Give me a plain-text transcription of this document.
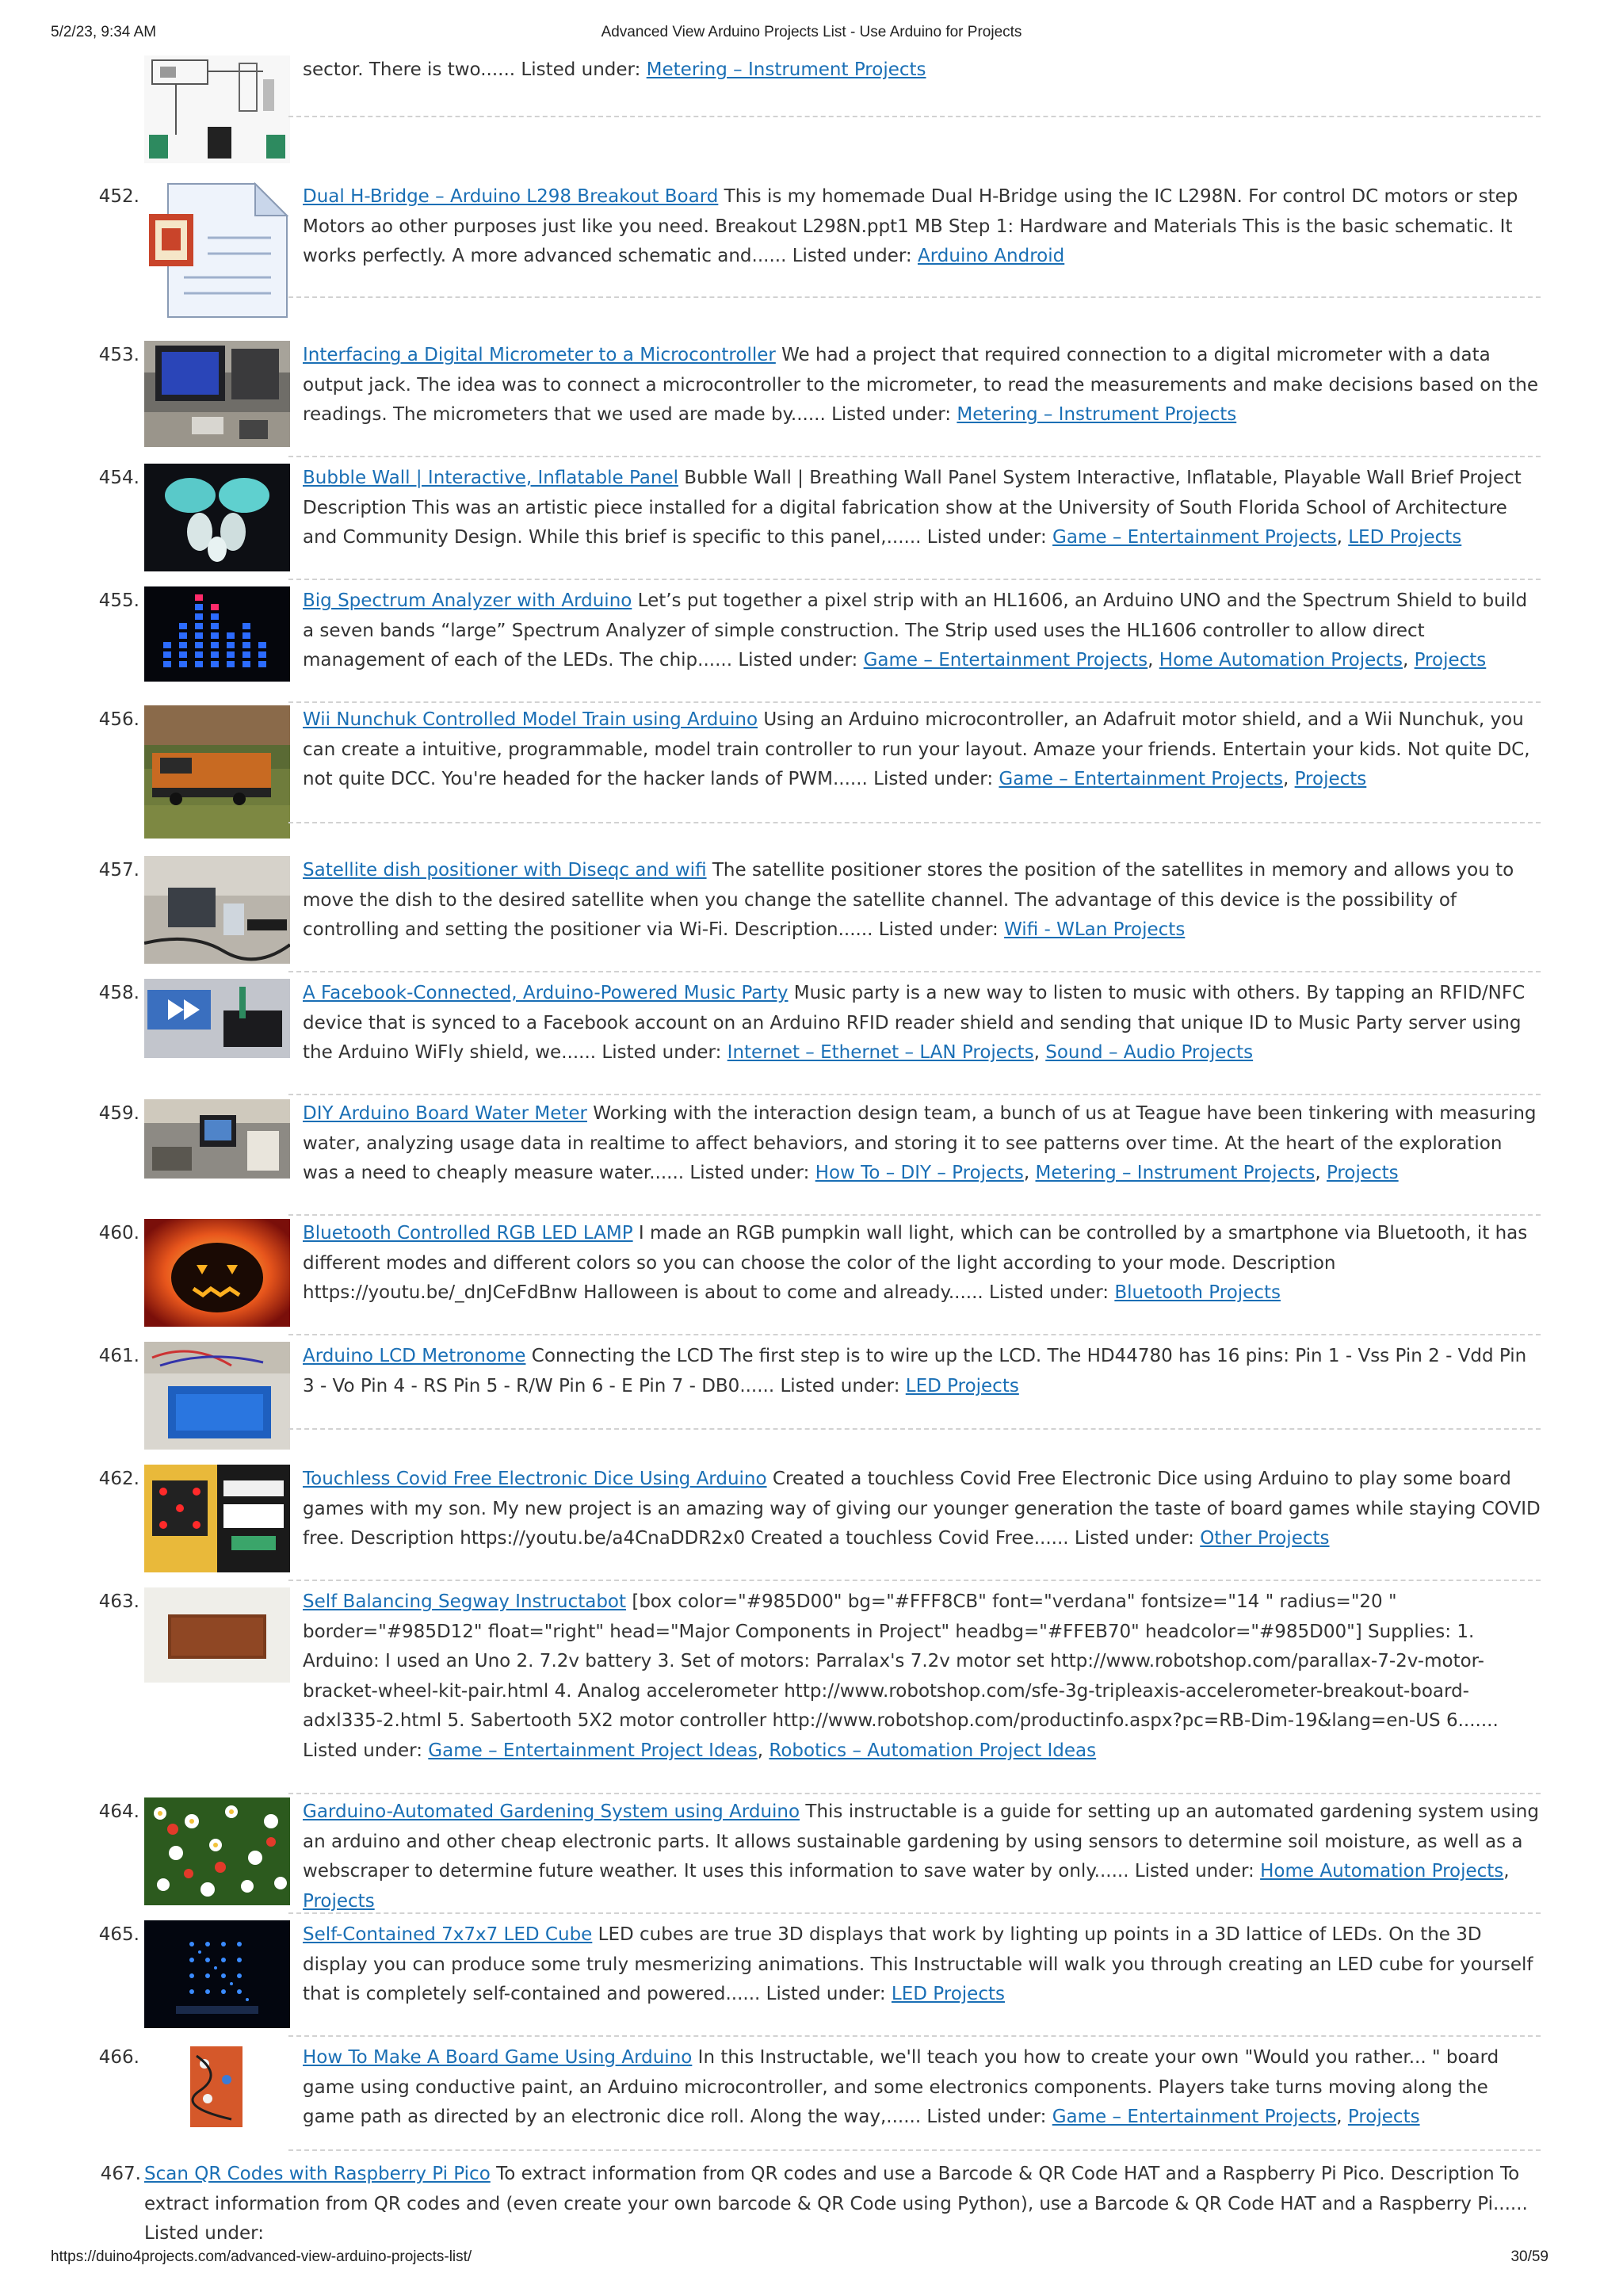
5/2/23, 9:34 AM	Advanced View Arduino Projects List - Use Arduino for Projects
sector. There is two...... Listed under: Metering – Instrument Projects
452.	Dual H-Bridge – Arduino L298 Breakout Board This is my homemade Dual H-Bridge using the IC L298N. For control DC motors or step Motors ao other purposes just like you need. Breakout L298N.ppt1 MB Step 1: Hardware and Materials This is the basic schematic. It works perfectly. A more advanced schematic and...... Listed under: Arduino Android
453.	Interfacing a Digital Micrometer to a Microcontroller We had a project that required connection to a digital micrometer with a data output jack. The idea was to connect a microcontroller to the micrometer, to read the measurements and make decisions based on the readings. The micrometers that we used are made by...... Listed under: Metering – Instrument Projects
454.	Bubble Wall | Interactive, Inflatable Panel Bubble Wall | Breathing Wall Panel System Interactive, Inflatable, Playable Wall Brief Project Description This was an artistic piece installed for a digital fabrication show at the University of South Florida School of Architecture and Community Design. While this brief is specific to this panel,...... Listed under: Game – Entertainment Projects, LED Projects
455.	Big Spectrum Analyzer with Arduino Let’s put together a pixel strip with an HL1606, an Arduino UNO and the Spectrum Shield to build a seven bands “large” Spectrum Analyzer of simple construction. The Strip used uses the HL1606 controller to allow direct management of each of the LEDs. The chip...... Listed under: Game – Entertainment Projects, Home Automation Projects, Projects
456.	Wii Nunchuk Controlled Model Train using Arduino Using an Arduino microcontroller, an Adafruit motor shield, and a Wii Nunchuk, you can create a intuitive, programmable, model train controller to run your layout. Amaze your friends. Entertain your kids. Not quite DC, not quite DCC. You're headed for the hacker lands of PWM...... Listed under: Game – Entertainment Projects, Projects
457.	Satellite dish positioner with Diseqc and wifi The satellite positioner stores the position of the satellites in memory and allows you to move the dish to the desired satellite when you change the satellite channel. The advantage of this device is the possibility of controlling and setting the positioner via Wi-Fi. Description...... Listed under: Wifi - WLan Projects
458.	A Facebook-Connected, Arduino-Powered Music Party Music party is a new way to listen to music with others. By tapping an RFID/NFC device that is synced to a Facebook account on an Arduino RFID reader shield and sending that unique ID to Music Party server using the Arduino WiFly shield, we...... Listed under: Internet – Ethernet – LAN Projects, Sound – Audio Projects
459.	DIY Arduino Board Water Meter Working with the interaction design team, a bunch of us at Teague have been tinkering with measuring water, analyzing usage data in realtime to affect behaviors, and storing it to see patterns over time. At the heart of the exploration was a need to cheaply measure water...... Listed under: How To – DIY – Projects, Metering – Instrument Projects, Projects
460.	Bluetooth Controlled RGB LED LAMP I made an RGB pumpkin wall light, which can be controlled by a smartphone via Bluetooth, it has different modes and different colors so you can choose the color of the light according to your mode. Description https://youtu.be/_dnJCeFdBnw Halloween is about to come and already...... Listed under: Bluetooth Projects
461.	Arduino LCD Metronome Connecting the LCD The first step is to wire up the LCD. The HD44780 has 16 pins: Pin 1 - Vss Pin 2 - Vdd Pin 3 - Vo Pin 4 - RS Pin 5 - R/W Pin 6 - E Pin 7 - DB0...... Listed under: LED Projects
462.	Touchless Covid Free Electronic Dice Using Arduino Created a touchless Covid Free Electronic Dice using Arduino to play some board games with my son. My new project is an amazing way of giving our younger generation the taste of board games while staying COVID free. Description https://youtu.be/a4CnaDDR2x0 Created a touchless Covid Free...... Listed under: Other Projects
463.	Self Balancing Segway Instructabot [box color="#985D00" bg="#FFF8CB" font="verdana" fontsize="14 " radius="20 " border="#985D12" float="right" head="Major Components in Project" headbg="#FFEB70" headcolor="#985D00"] Supplies: 1. Arduino: I used an Uno 2. 7.2v battery 3. Set of motors: Parralax's 7.2v motor set http://www.robotshop.com/parallax-7-2v-motor-bracket-wheel-kit-pair.html 4. Analog accelerometer http://www.robotshop.com/sfe-3g-tripleaxis-accelerometer-breakout-board-adxl335-2.html 5. Sabertooth 5X2 motor controller http://www.robotshop.com/productinfo.aspx?pc=RB-Dim-19&lang=en-US 6....... Listed under: Game – Entertainment Project Ideas, Robotics – Automation Project Ideas
464.	Garduino-Automated Gardening System using Arduino This instructable is a guide for setting up an automated gardening system using an arduino and other cheap electronic parts. It allows sustainable gardening by using sensors to determine soil moisture, as well as a webscraper to determine future weather. It uses this information to save water by only...... Listed under: Home Automation Projects, Projects
465.	Self-Contained 7x7x7 LED Cube LED cubes are true 3D displays that work by lighting up points in a 3D lattice of LEDs. On the 3D display you can produce some truly mesmerizing animations. This Instructable will walk you through creating an LED cube for yourself that is completely self-contained and powered...... Listed under: LED Projects
466.	How To Make A Board Game Using Arduino In this Instructable, we'll teach you how to create your own "Would you rather... " board game using conductive paint, an Arduino microcontroller, and some electronics components. Players take turns moving along the game path as directed by an electronic dice roll. Along the way,...... Listed under: Game – Entertainment Projects, Projects
467. Scan QR Codes with Raspberry Pi Pico To extract information from QR codes and use a Barcode & QR Code HAT and a Raspberry Pi Pico. Description To extract information from QR codes and (even create your own barcode & QR Code using Python), use a Barcode & QR Code HAT and a Raspberry Pi...... Listed under:
https://duino4projects.com/advanced-view-arduino-projects-list/	30/59
